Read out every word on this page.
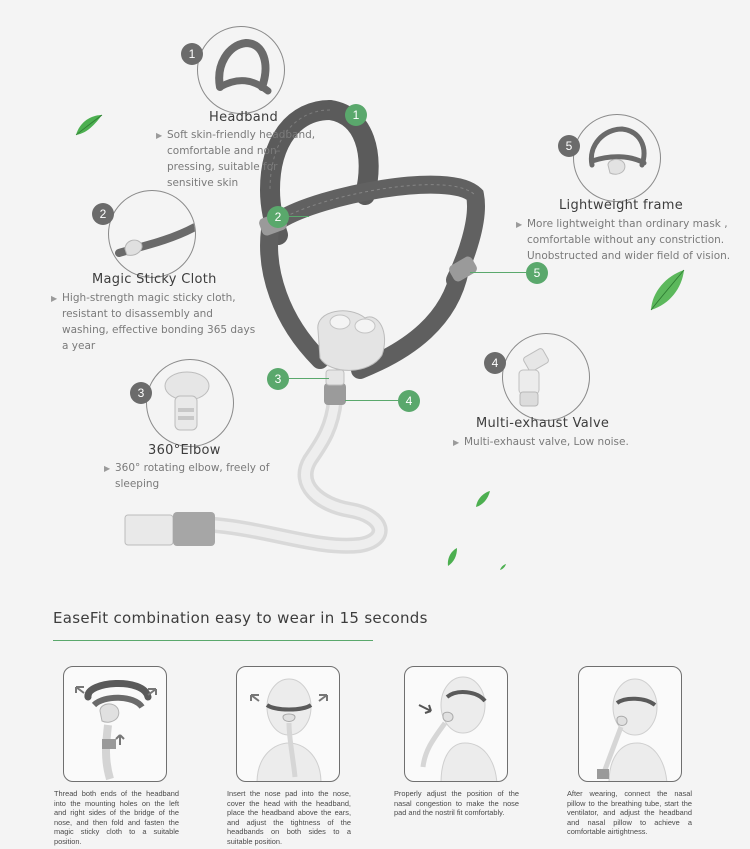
1
2
3
4
5
1
Headband
▶ Soft skin-friendly headband, comfortable and non-pressing, suitable for sensitive skin
2
Magic Sticky Cloth
▶ High-strength magic sticky cloth, resistant to disassembly and washing, effective bonding 365 days a year
3
360°Elbow
▶ 360° rotating elbow, freely of sleeping
4
Multi-exhaust Valve
▶ Multi-exhaust valve, Low noise.
5
Lightweight frame
▶ More lightweight than ordinary mask , comfortable without any constriction. Unobstructed and wider field of vision.
EaseFit combination easy to wear in 15 seconds
Thread both ends of the headband into the mounting holes on the left and right sides of the bridge of the nose, and then fold and fasten the magic sticky cloth to a suitable position.
Insert the nose pad into the nose, cover the head with the headband, place the headband above the ears, and adjust the tightness of the headbands on both sides to a suitable position.
Properly adjust the position of the nasal congestion to make the nose pad and the nostril fit comfortably.
After wearing, connect the nasal pillow to the breathing tube, start the ventilator, and adjust the headband and nasal pillow to achieve a comfortable airtightness.
